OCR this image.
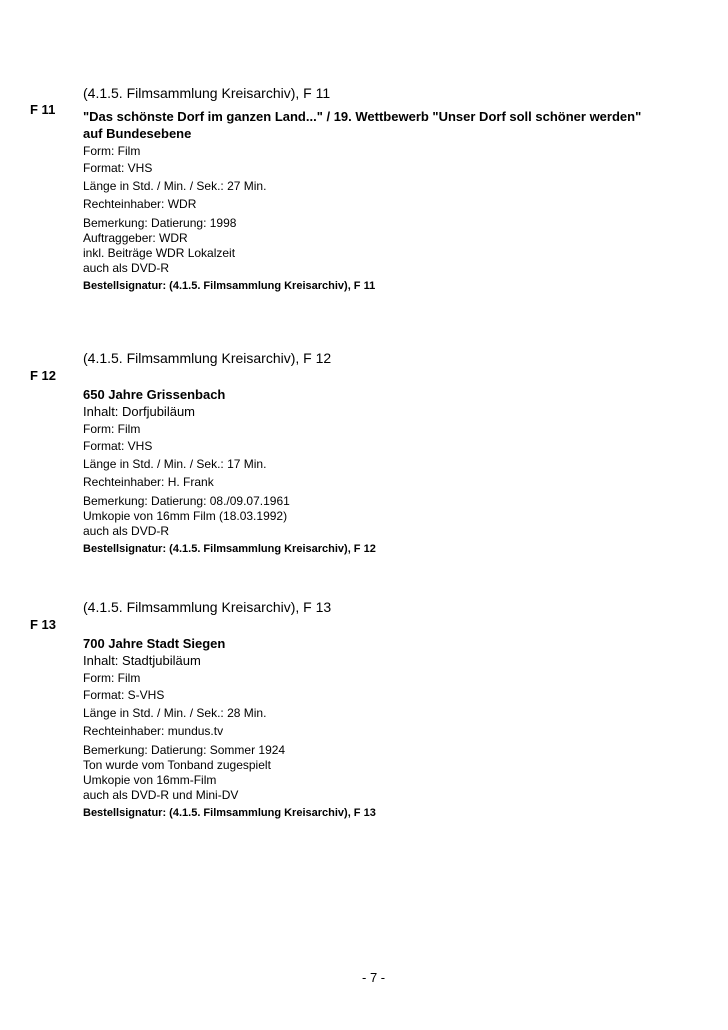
F 11

(4.1.5. Filmsammlung Kreisarchiv), F 11

"Das schönste Dorf im ganzen Land..." / 19. Wettbewerb "Unser Dorf soll schöner werden"

auf Bundesebene

Form: Film

Format: VHS

Länge in Std. / Min. / Sek.: 27 Min.

Rechteinhaber: WDR

Bemerkung: Datierung: 1998

Auftraggeber: WDR

inkl. Beiträge WDR Lokalzeit

auch als DVD-R

Bestellsignatur: (4.1.5. Filmsammlung Kreisarchiv), F 11

F 12

(4.1.5. Filmsammlung Kreisarchiv), F 12

650 Jahre Grissenbach

Inhalt: Dorfjubiläum

Form: Film

Format: VHS

Länge in Std. / Min. / Sek.: 17 Min.

Rechteinhaber: H. Frank

Bemerkung: Datierung: 08./09.07.1961

Umkopie von 16mm Film (18.03.1992)

auch als DVD-R

Bestellsignatur: (4.1.5. Filmsammlung Kreisarchiv), F 12

F 13

(4.1.5. Filmsammlung Kreisarchiv), F 13

700 Jahre Stadt Siegen

Inhalt: Stadtjubiläum

Form: Film

Format: S-VHS

Länge in Std. / Min. / Sek.: 28 Min.

Rechteinhaber: mundus.tv

Bemerkung: Datierung: Sommer 1924

Ton wurde vom Tonband zugespielt

Umkopie von 16mm-Film

auch als DVD-R und Mini-DV

Bestellsignatur: (4.1.5. Filmsammlung Kreisarchiv), F 13

- 7 -
